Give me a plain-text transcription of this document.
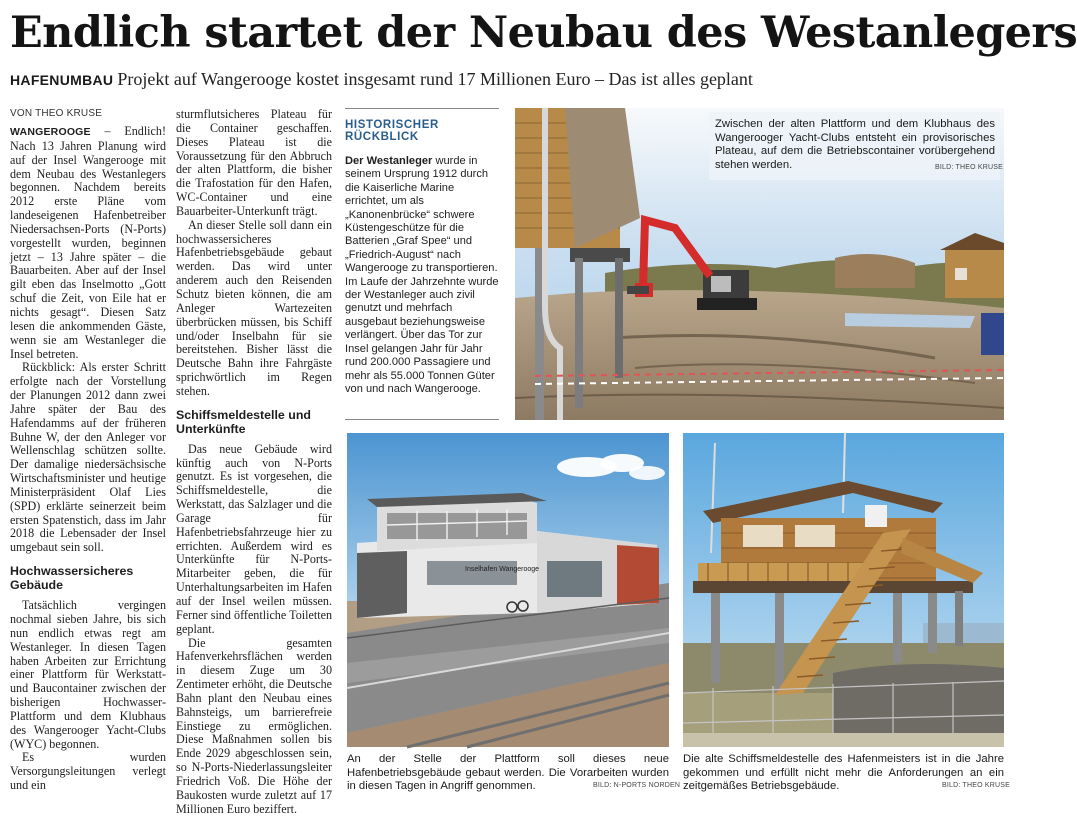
Endlich startet der Neubau des Westanlegers
HAFENUMBAU Projekt auf Wangerooge kostet insgesamt rund 17 Millionen Euro – Das ist alles geplant
VON THEO KRUSE

WANGEROOGE – Endlich! Nach 13 Jahren Planung wird auf der Insel Wangerooge mit dem Neubau des Westanlegers begonnen. Nachdem bereits 2012 erste Pläne vom landeseigenen Hafenbetreiber Niedersachsen-Ports (N-Ports) vorgestellt wurden, beginnen jetzt – 13 Jahre später – die Bauarbeiten. Aber auf der Insel gilt eben das Inselmotto „Gott schuf die Zeit, von Eile hat er nichts gesagt“. Diesen Satz lesen die ankommenden Gäste, wenn sie am Westanleger die Insel betreten.

Rückblick: Als erster Schritt erfolgte nach der Vorstellung der Planungen 2012 dann zwei Jahre später der Bau des Hafendamms auf der früheren Buhne W, der den Anleger vor Wellenschlag schützen sollte. Der damalige niedersächsische Wirtschaftsminister und heutige Ministerpräsident Olaf Lies (SPD) erklärte seinerzeit beim ersten Spatenstich, dass im Jahr 2018 die Lebensader der Insel umgebaut sein soll.

Hochwassersicheres Gebäude

Tatsächlich vergingen nochmal sieben Jahre, bis sich nun endlich etwas regt am Westanleger. In diesen Tagen haben Arbeiten zur Errichtung einer Plattform für Werkstatt- und Baucontainer zwischen der bisherigen Hochwasser-Plattform und dem Klubhaus des Wangerooger Yacht-Clubs (WYC) begonnen.

Es wurden Versorgungsleitungen verlegt und ein

sturmflutsicheres Plateau für die Container geschaffen. Dieses Plateau ist die Voraussetzung für den Abbruch der alten Plattform, die bisher die Trafostation für den Hafen, WC-Container und eine Bauarbeiter-Unterkunft trägt.

An dieser Stelle soll dann ein hochwassersicheres Hafenbetriebsgebäude gebaut werden. Das wird unter anderem auch den Reisenden Schutz bieten können, die am Anleger Wartezeiten überbrücken müssen, bis Schiff und/oder Inselbahn für sie bereitstehen. Bisher lässt die Deutsche Bahn ihre Fahrgäste sprichwörtlich im Regen stehen.

Schiffsmeldestelle und Unterkünfte

Das neue Gebäude wird künftig auch von N-Ports genutzt. Es ist vorgesehen, die Schiffsmeldestelle, die Werkstatt, das Salzlager und die Garage für Hafenbetriebsfahrzeuge hier zu errichten. Außerdem wird es Unterkünfte für N-Ports-Mitarbeiter geben, die für Unterhaltungsarbeiten im Hafen auf der Insel weilen müssen. Ferner sind öffentliche Toiletten geplant.

Die gesamten Hafenverkehrsflächen werden in diesem Zuge um 30 Zentimeter erhöht, die Deutsche Bahn plant den Neubau eines Bahnsteigs, um barrierefreie Einstiege zu ermöglichen. Diese Maßnahmen sollen bis Ende 2029 abgeschlossen sein, so N-Ports-Niederlassungsleiter Friedrich Voß. Die Höhe der Baukosten wurde zuletzt auf 17 Millionen Euro beziffert.

HISTORISCHER
RÜCKBLICK
Der Westanleger wurde in seinem Ursprung 1912 durch die Kaiserliche Marine errichtet, um als „Kanonenbrücke“ schwere Küstengeschütze für die Batterien „Graf Spee“ und „Friedrich-August“ nach Wangerooge zu transportieren. Im Laufe der Jahrzehnte wurde der Westanleger auch zivil genutzt und mehrfach ausgebaut beziehungsweise verlängert. Über das Tor zur Insel gelangen Jahr für Jahr rund 200.000 Passagiere und mehr als 55.000 Tonnen Güter von und nach Wangerooge.
Zwischen der alten Plattform und dem Klubhaus des Wangerooger Yacht-Clubs entsteht ein provisorisches Plateau, auf dem die Betriebscontainer vorübergehend stehen werden.	BILD: THEO KRUSE
Inselhafen Wangerooge
An der Stelle der Plattform soll dieses neue Hafenbetriebsgebäude gebaut werden. Die Vorarbeiten wurden in diesen Tagen in Angriff genommen.	BILD: N-PORTS NORDEN
Die alte Schiffsmeldestelle des Hafenmeisters ist in die Jahre gekommen und erfüllt nicht mehr die Anforderungen an ein zeitgemäßes Betriebsgebäude.	BILD: THEO KRUSE
